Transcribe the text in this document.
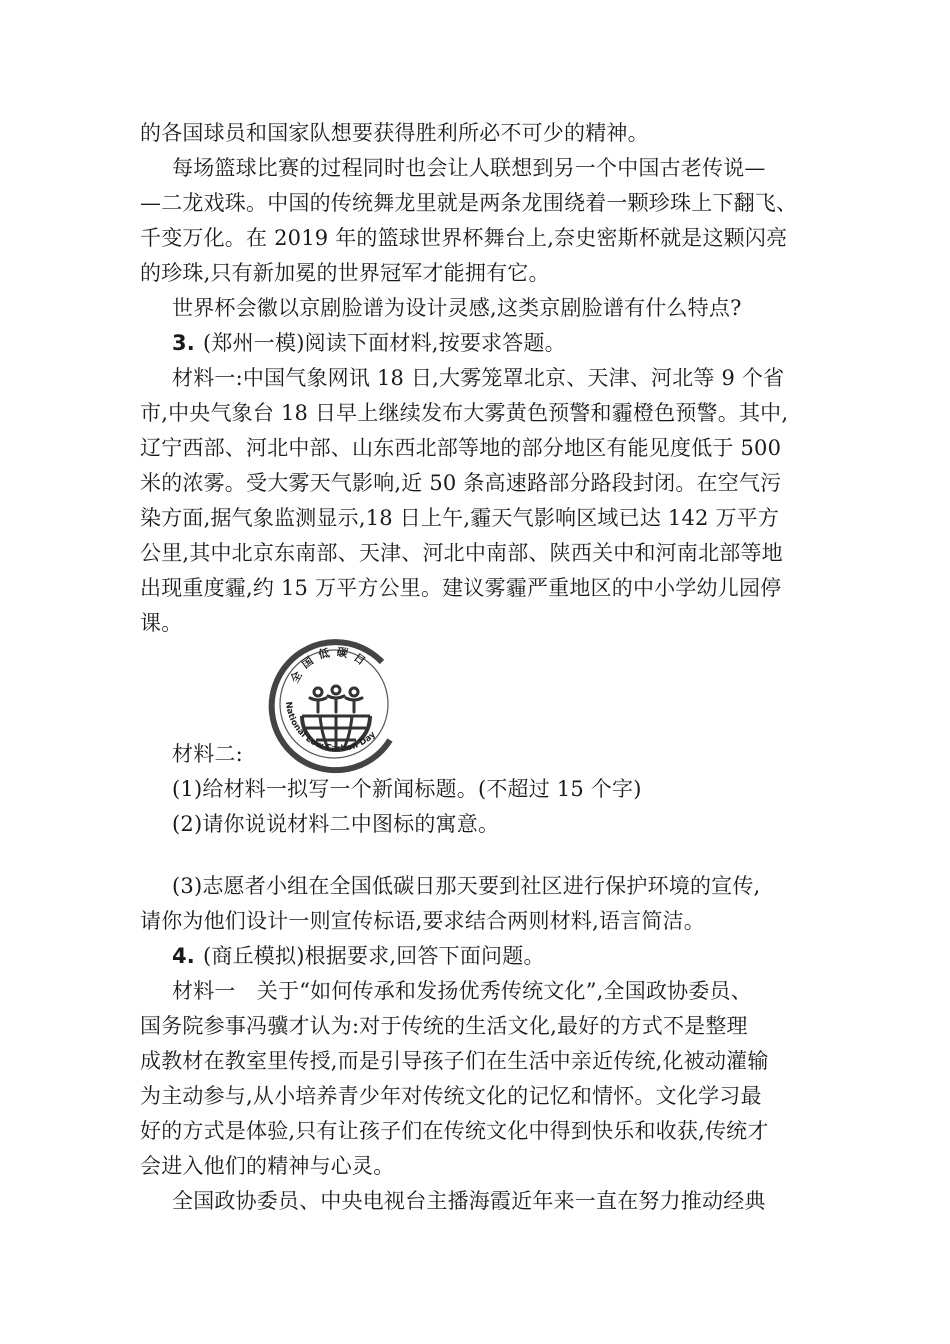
的各国球员和国家队想要获得胜利所必不可少的精神。
每场篮球比赛的过程同时也会让人联想到另一个中国古老传说—
—二龙戏珠。中国的传统舞龙里就是两条龙围绕着一颗珍珠上下翻飞、
千变万化。在 2019 年的篮球世界杯舞台上,奈史密斯杯就是这颗闪亮
的珍珠,只有新加冕的世界冠军才能拥有它。
世界杯会徽以京剧脸谱为设计灵感,这类京剧脸谱有什么特点?
3. (郑州一模)阅读下面材料,按要求答题。
材料一:中国气象网讯 18 日,大雾笼罩北京、天津、河北等 9 个省
市,中央气象台 18 日早上继续发布大雾黄色预警和霾橙色预警。其中,
辽宁西部、河北中部、山东西北部等地的部分地区有能见度低于 500
米的浓雾。受大雾天气影响,近 50 条高速路部分路段封闭。在空气污
染方面,据气象监测显示,18 日上午,霾天气影响区域已达 142 万平方
公里,其中北京东南部、天津、河北中南部、陕西关中和河南北部等地
出现重度霾,约 15 万平方公里。建议雾霾严重地区的中小学幼儿园停
课。
全国低碳日
National Low Carbon Day
材料二:
(1)给材料一拟写一个新闻标题。(不超过 15 个字)
(2)请你说说材料二中图标的寓意。
(3)志愿者小组在全国低碳日那天要到社区进行保护环境的宣传,
请你为他们设计一则宣传标语,要求结合两则材料,语言简洁。
4. (商丘模拟)根据要求,回答下面问题。
材料一　关于“如何传承和发扬优秀传统文化”,全国政协委员、
国务院参事冯骥才认为:对于传统的生活文化,最好的方式不是整理
成教材在教室里传授,而是引导孩子们在生活中亲近传统,化被动灌输
为主动参与,从小培养青少年对传统文化的记忆和情怀。文化学习最
好的方式是体验,只有让孩子们在传统文化中得到快乐和收获,传统才
会进入他们的精神与心灵。
全国政协委员、中央电视台主播海霞近年来一直在努力推动经典
